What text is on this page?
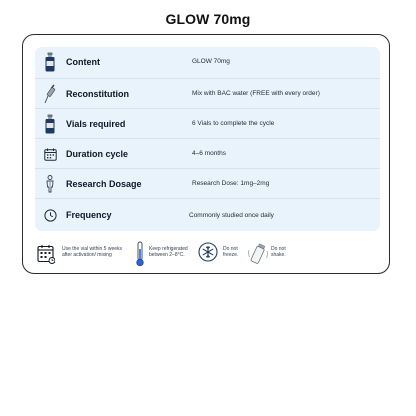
GLOW 70mg
Content	GLOW 70mg
Reconstitution	Mix with BAC water (FREE with every order)
Vials required	6 Vials to complete the cycle
Duration cycle	4–6 months
Research Dosage	Research Dose: 1mg–2mg
Frequency	Commonly studied once daily
Use the vial within 5 weeks
after activation/ mixing
Keep refrigerated
between 2–8°C.
Do not
freeze.
Do not
shake.
